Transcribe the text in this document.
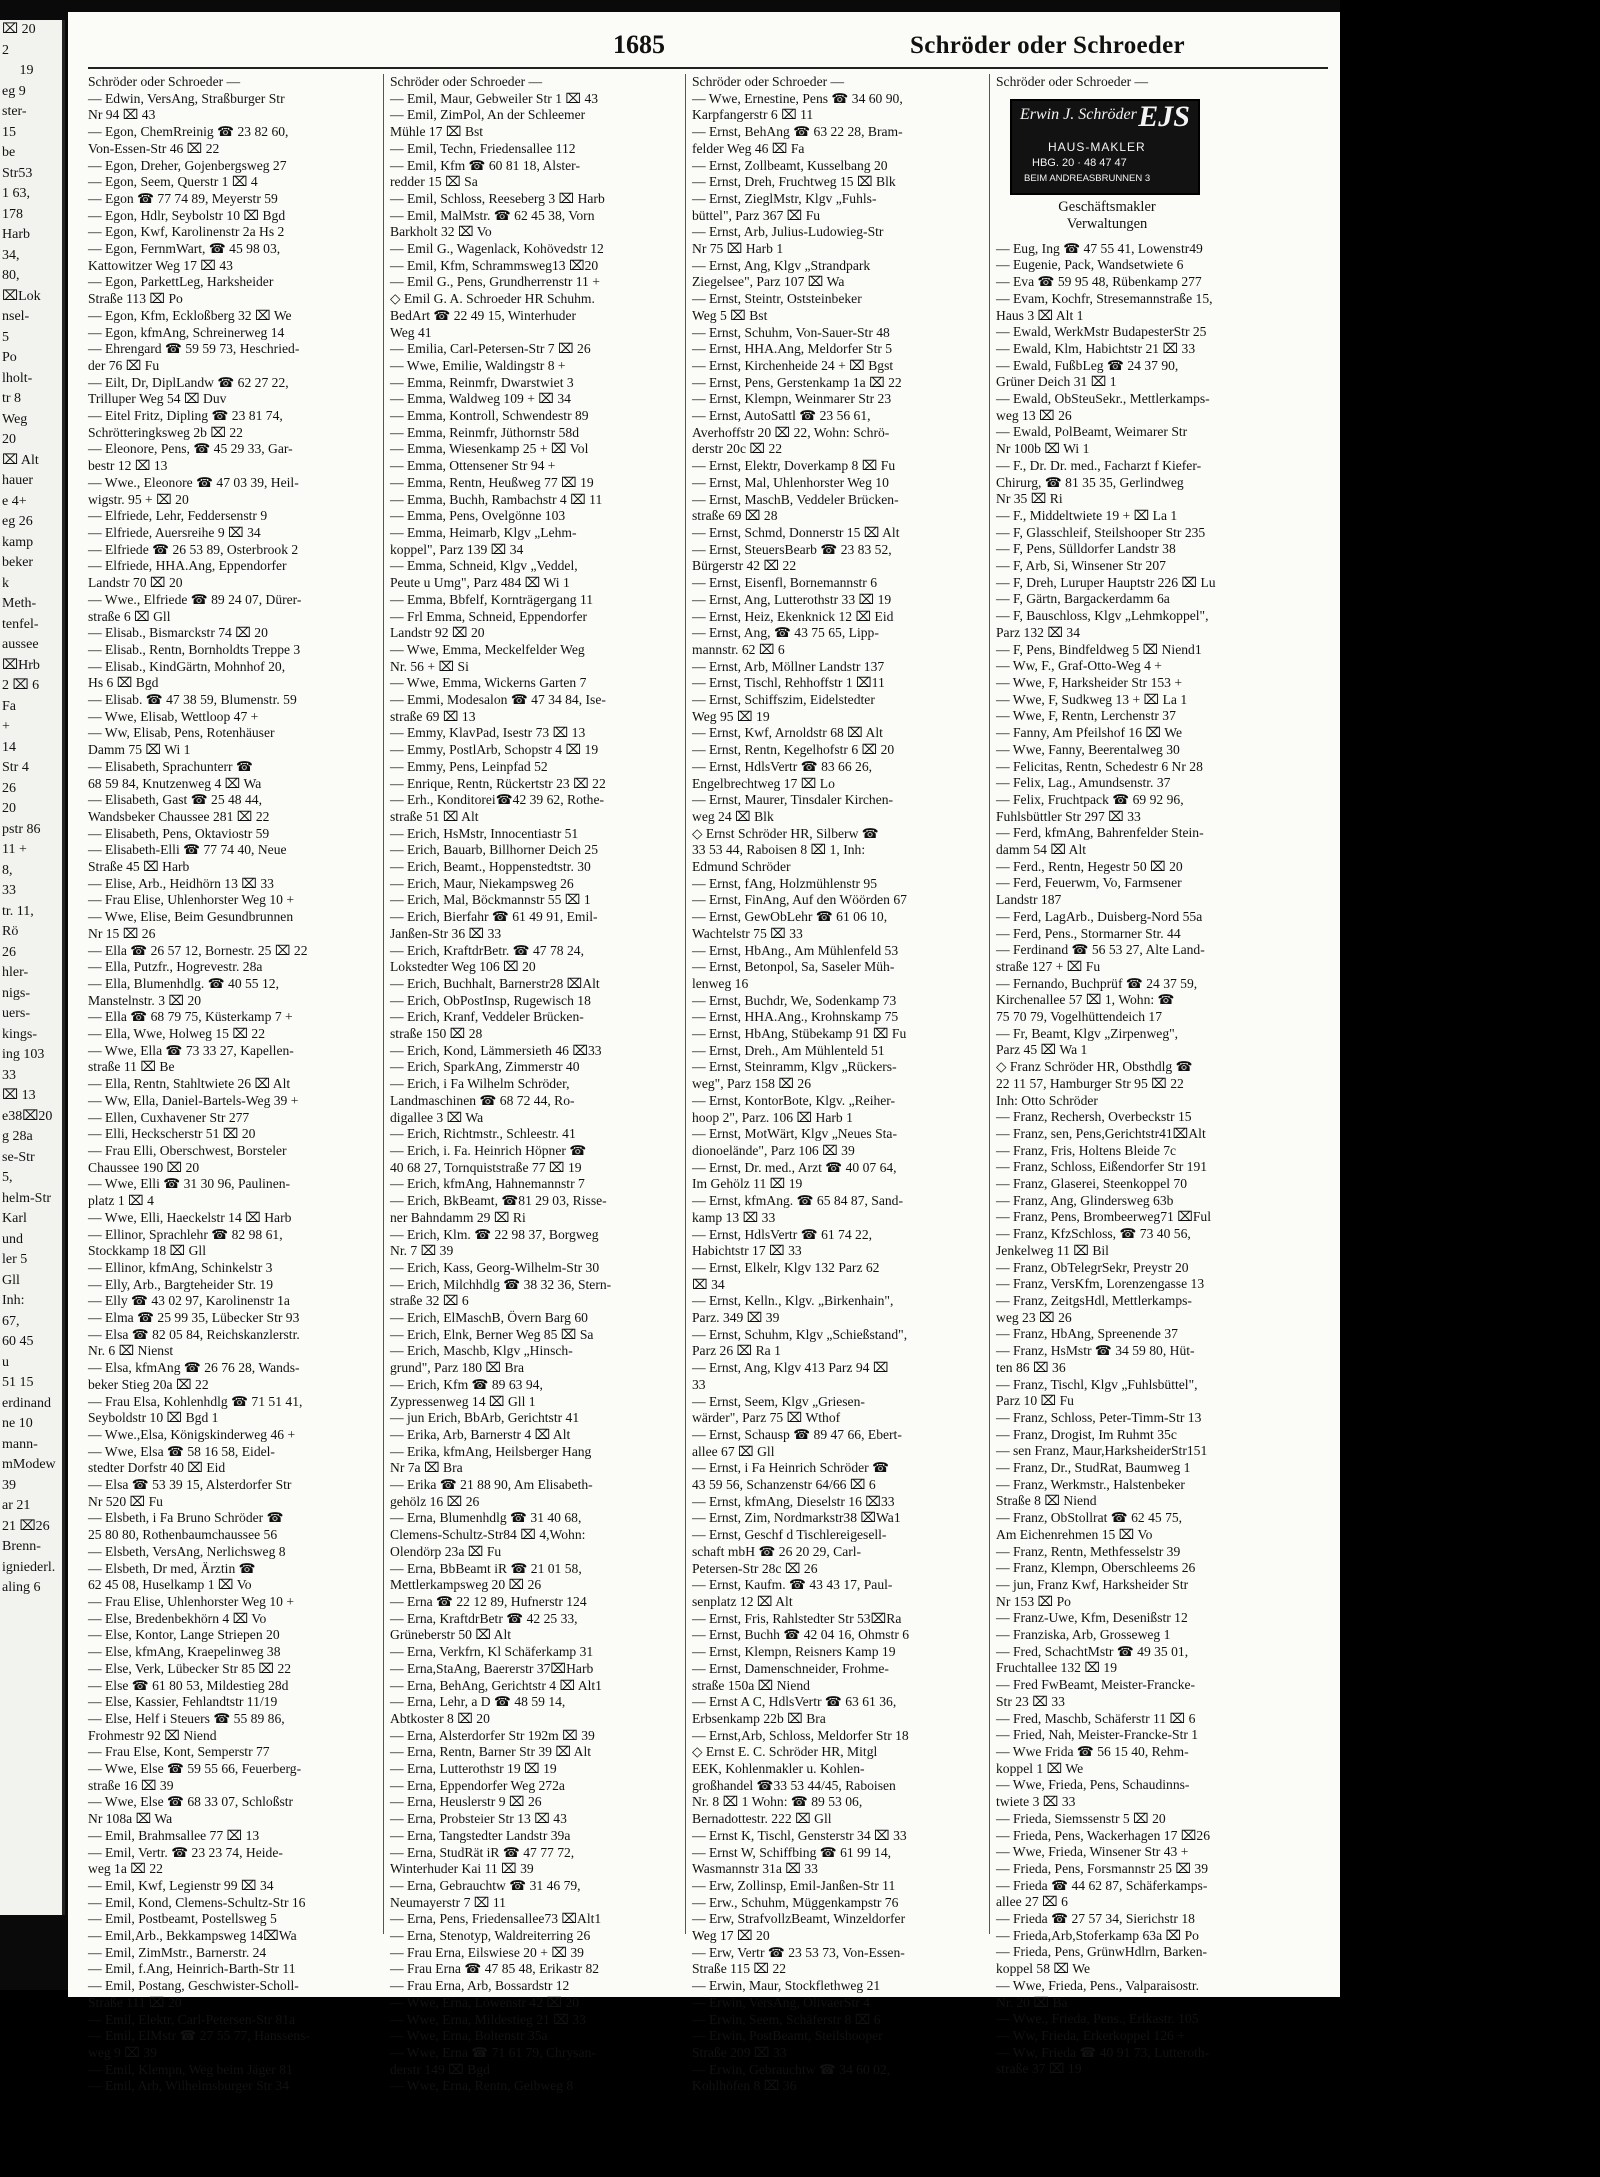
⌧ 20
2
  19
eg 9
ster-
15
be
Str53
1 63,
178
Harb
34,
80,
⌧Lok
nsel-
5
Po
lholt-
tr 8
Weg
20
⌧ Alt
hauer
e 4+
eg 26
kamp
beker
k
Meth-
tenfel-
aussee
⌧Hrb
2 ⌧ 6
Fa
+
14
Str 4
26
20
pstr 86
11 +
8,
33
tr. 11,
Rö
26
hler-
nigs-
uers-
kings-
ing 103
33
⌧ 13
e38⌧20
g 28a
se-Str
5,
helm-Str
Karl
und
ler 5
Gll
Inh:
67,
60 45
u
51 15
erdinand
ne 10
mann-
mModew
39
ar 21
21 ⌧26
Brenn-
igniederl.
aling 6
1685	Schröder oder Schroeder
Schröder oder Schroeder —
— Edwin, VersAng, Straßburger Str
Nr 94 ⌧ 43
— Egon, ChemRreinig ☎ 23 82 60,
Von-Essen-Str 46 ⌧ 22
— Egon, Dreher, Gojenbergsweg 27
— Egon, Seem, Querstr 1 ⌧ 4
— Egon ☎ 77 74 89, Meyerstr 59
— Egon, Hdlr, Seybolstr 10 ⌧ Bgd
— Egon, Kwf, Karolinenstr 2a Hs 2
— Egon, FernmWart, ☎ 45 98 03,
Kattowitzer Weg 17 ⌧ 43
— Egon, ParkettLeg, Harksheider
Straße 113 ⌧ Po
— Egon, Kfm, Eckloßberg 32 ⌧ We
— Egon, kfmAng, Schreinerweg 14
— Ehrengard ☎ 59 59 73, Heschried-
der 76 ⌧ Fu
— Eilt, Dr, DiplLandw ☎ 62 27 22,
Trilluper Weg 54 ⌧ Duv
— Eitel Fritz, Dipling ☎ 23 81 74,
Schrötteringksweg 2b ⌧ 22
— Eleonore, Pens, ☎ 45 29 33, Gar-
bestr 12 ⌧ 13
— Wwe., Eleonore ☎ 47 03 39, Heil-
wigstr. 95 + ⌧ 20
— Elfriede, Lehr, Feddersenstr 9
— Elfriede, Auersreihe 9 ⌧ 34
— Elfriede ☎ 26 53 89, Osterbrook 2
— Elfriede, HHA.Ang, Eppendorfer
Landstr 70 ⌧ 20
— Wwe., Elfriede ☎ 89 24 07, Dürer-
straße 6 ⌧ Gll
— Elisab., Bismarckstr 74 ⌧ 20
— Elisab., Rentn, Bornholdts Treppe 3
— Elisab., KindGärtn, Mohnhof 20,
Hs 6 ⌧ Bgd
— Elisab. ☎ 47 38 59, Blumenstr. 59
— Wwe, Elisab, Wettloop 47 +
— Ww, Elisab, Pens, Rotenhäuser
Damm 75 ⌧ Wi 1
— Elisabeth, Sprachunterr ☎
68 59 84, Knutzenweg 4 ⌧ Wa
— Elisabeth, Gast ☎ 25 48 44,
Wandsbeker Chaussee 281 ⌧ 22
— Elisabeth, Pens, Oktaviostr 59
— Elisabeth-Elli ☎ 77 74 40, Neue
Straße 45 ⌧ Harb
— Elise, Arb., Heidhörn 13 ⌧ 33
— Frau Elise, Uhlenhorster Weg 10 +
— Wwe, Elise, Beim Gesundbrunnen
Nr 15 ⌧ 26
— Ella ☎ 26 57 12, Bornestr. 25 ⌧ 22
— Ella, Putzfr., Hogrevestr. 28a
— Ella, Blumenhdlg. ☎ 40 55 12,
Manstelnstr. 3 ⌧ 20
— Ella ☎ 68 79 75, Küsterkamp 7 +
— Ella, Wwe, Holweg 15 ⌧ 22
— Wwe, Ella ☎ 73 33 27, Kapellen-
straße 11 ⌧ Be
— Ella, Rentn, Stahltwiete 26 ⌧ Alt
— Ww, Ella, Daniel-Bartels-Weg 39 +
— Ellen, Cuxhavener Str 277
— Elli, Heckscherstr 51 ⌧ 20
— Frau Elli, Oberschwest, Borsteler
Chaussee 190 ⌧ 20
— Wwe, Elli ☎ 31 30 96, Paulinen-
platz 1 ⌧ 4
— Wwe, Elli, Haeckelstr 14 ⌧ Harb
— Ellinor, Sprachlehr ☎ 82 98 61,
Stockkamp 18 ⌧ Gll
— Ellinor, kfmAng, Schinkelstr 3
— Elly, Arb., Bargteheider Str. 19
— Elly ☎ 43 02 97, Karolinenstr 1a
— Elma ☎ 25 99 35, Lübecker Str 93
— Elsa ☎ 82 05 84, Reichskanzlerstr.
Nr. 6 ⌧ Nienst
— Elsa, kfmAng ☎ 26 76 28, Wands-
beker Stieg 20a ⌧ 22
— Frau Elsa, Kohlenhdlg ☎ 71 51 41,
Seyboldstr 10 ⌧ Bgd 1
— Wwe.,Elsa, Königskinderweg 46 +
— Wwe, Elsa ☎ 58 16 58, Eidel-
stedter Dorfstr 40 ⌧ Eid
— Elsa ☎ 53 39 15, Alsterdorfer Str
Nr 520 ⌧ Fu
— Elsbeth, i Fa Bruno Schröder ☎
25 80 80, Rothenbaumchaussee 56
— Elsbeth, VersAng, Nerlichsweg 8
— Elsbeth, Dr med, Ärztin ☎
62 45 08, Huselkamp 1 ⌧ Vo
— Frau Elise, Uhlenhorster Weg 10 +
— Else, Bredenbekhörn 4 ⌧ Vo
— Else, Kontor, Lange Striepen 20
— Else, kfmAng, Kraepelinweg 38
— Else, Verk, Lübecker Str 85 ⌧ 22
— Else ☎ 61 80 53, Mildestieg 28d
— Else, Kassier, Fehlandtstr 11/19
— Else, Helf i Steuers ☎ 55 89 86,
Frohmestr 92 ⌧ Niend
— Frau Else, Kont, Semperstr 77
— Wwe, Else ☎ 59 55 66, Feuerberg-
straße 16 ⌧ 39
— Wwe, Else ☎ 68 33 07, Schloßstr
Nr 108a ⌧ Wa
— Emil, Brahmsallee 77 ⌧ 13
— Emil, Vertr. ☎ 23 23 74, Heide-
weg 1a ⌧ 22
— Emil, Kwf, Legienstr 99 ⌧ 34
— Emil, Kond, Clemens-Schultz-Str 16
— Emil, Postbeamt, Postellsweg 5
— Emil,Arb., Bekkampsweg 14⌧Wa
— Emil, ZimMstr., Barnerstr. 24
— Emil, f.Ang, Heinrich-Barth-Str 11
— Emil, Postang, Geschwister-Scholl-
Straße 111 ⌧ 20
— Emil, Elektr, Carl-Petersen-Str 81a
— Emil, ElMstr ☎ 27 55 77, Hanssens-
weg 9 ⌧ 39
— Emil, Klempn, Weg beim Jäger 81
— Emil, Arb, Wilhelmsburger Str 34
Schröder oder Schroeder —
— Emil, Maur, Gebweiler Str 1 ⌧ 43
— Emil, ZimPol, An der Schleemer
Mühle 17 ⌧ Bst
— Emil, Techn, Friedensallee 112
— Emil, Kfm ☎ 60 81 18, Alster-
redder 15 ⌧ Sa
— Emil, Schloss, Reeseberg 3 ⌧ Harb
— Emil, MalMstr. ☎ 62 45 38, Vorn
Barkholt 32 ⌧ Vo
— Emil G., Wagenlack, Kohövedstr 12
— Emil, Kfm, Schrammsweg13 ⌧20
— Emil G., Pens, Grundherrenstr 11 +
◇ Emil G. A. Schroeder HR Schuhm.
BedArt ☎ 22 49 15, Winterhuder
Weg 41
— Emilia, Carl-Petersen-Str 7 ⌧ 26
— Wwe, Emilie, Waldingstr 8 +
— Emma, Reinmfr, Dwarstwiet 3
— Emma, Waldweg 109 + ⌧ 34
— Emma, Kontroll, Schwendestr 89
— Emma, Reinmfr, Jüthornstr 58d
— Emma, Wiesenkamp 25 + ⌧ Vol
— Emma, Ottensener Str 94 +
— Emma, Rentn, Heußweg 77 ⌧ 19
— Emma, Buchh, Rambachstr 4 ⌧ 11
— Emma, Pens, Ovelgönne 103
— Emma, Heimarb, Klgv „Lehm-
koppel", Parz 139 ⌧ 34
— Emma, Schneid, Klgv „Veddel,
Peute u Umg", Parz 484 ⌧ Wi 1
— Emma, Bbfelf, Kornträgergang 11
— Frl Emma, Schneid, Eppendorfer
Landstr 92 ⌧ 20
— Wwe, Emma, Meckelfelder Weg
Nr. 56 + ⌧ Si
— Wwe, Emma, Wickerns Garten 7
— Emmi, Modesalon ☎ 47 34 84, Ise-
straße 69 ⌧ 13
— Emmy, KlavPad, Isestr 73 ⌧ 13
— Emmy, PostlArb, Schopstr 4 ⌧ 19
— Emmy, Pens, Leinpfad 52
— Enrique, Rentn, Rückertstr 23 ⌧ 22
— Erh., Konditorei☎42 39 62, Rothe-
straße 51 ⌧ Alt
— Erich, HsMstr, Innocentiastr 51
— Erich, Bauarb, Billhorner Deich 25
— Erich, Beamt., Hoppenstedtstr. 30
— Erich, Maur, Niekampsweg 26
— Erich, Mal, Böckmannstr 55 ⌧ 1
— Erich, Bierfahr ☎ 61 49 91, Emil-
Janßen-Str 36 ⌧ 33
— Erich, KraftdrBetr. ☎ 47 78 24,
Lokstedter Weg 106 ⌧ 20
— Erich, Buchhalt, Barnerstr28 ⌧Alt
— Erich, ObPostInsp, Rugewisch 18
— Erich, Kranf, Veddeler Brücken-
straße 150 ⌧ 28
— Erich, Kond, Lämmersieth 46 ⌧33
— Erich, SparkAng, Zimmerstr 40
— Erich, i Fa Wilhelm Schröder,
Landmaschinen ☎ 68 72 44, Ro-
digallee 3 ⌧ Wa
— Erich, Richtmstr., Schleestr. 41
— Erich, i. Fa. Heinrich Höpner ☎
40 68 27, Tornquiststraße 77 ⌧ 19
— Erich, kfmAng, Hahnemannstr 7
— Erich, BkBeamt, ☎81 29 03, Risse-
ner Bahndamm 29 ⌧ Ri
— Erich, Klm. ☎ 22 98 37, Borgweg
Nr. 7 ⌧ 39
— Erich, Kass, Georg-Wilhelm-Str 30
— Erich, Milchhdlg ☎ 38 32 36, Stern-
straße 32 ⌧ 6
— Erich, ElMaschB, Övern Barg 60
— Erich, Elnk, Berner Weg 85 ⌧ Sa
— Erich, Maschb, Klgv „Hinsch-
grund", Parz 180 ⌧ Bra
— Erich, Kfm ☎ 89 63 94,
Zypressenweg 14 ⌧ Gll 1
— jun Erich, BbArb, Gerichtstr 41
— Erika, Arb, Barnerstr 4 ⌧ Alt
— Erika, kfmAng, Heilsberger Hang
Nr 7a ⌧ Bra
— Erika ☎ 21 88 90, Am Elisabeth-
gehölz 16 ⌧ 26
— Erna, Blumenhdlg ☎ 31 40 68,
Clemens-Schultz-Str84 ⌧ 4,Wohn:
Olendörp 23a ⌧ Fu
— Erna, BbBeamt iR ☎ 21 01 58,
Mettlerkampsweg 20 ⌧ 26
— Erna ☎ 22 12 89, Hufnerstr 124
— Erna, KraftdrBetr ☎ 42 25 33,
Grüneberstr 50 ⌧ Alt
— Erna, Verkfrn, Kl Schäferkamp 31
— Erna,StaAng, Baererstr 37⌧Harb
— Erna, BehAng, Gerichtstr 4 ⌧ Alt1
— Erna, Lehr, a D ☎ 48 59 14,
Abtkoster 8 ⌧ 20
— Erna, Alsterdorfer Str 192m ⌧ 39
— Erna, Rentn, Barner Str 39 ⌧ Alt
— Erna, Lutterothstr 19 ⌧ 19
— Erna, Eppendorfer Weg 272a
— Erna, Heuslerstr 9 ⌧ 26
— Erna, Probsteier Str 13 ⌧ 43
— Erna, Tangstedter Landstr 39a
— Erna, StudRät iR ☎ 47 77 72,
Winterhuder Kai 11 ⌧ 39
— Erna, Gebrauchtw ☎ 31 46 79,
Neumayerstr 7 ⌧ 11
— Erna, Pens, Friedensallee73 ⌧Alt1
— Erna, Stenotyp, Waldreiterring 26
— Frau Erna, Eilswiese 20 + ⌧ 39
— Frau Erna ☎ 47 85 48, Erikastr 82
— Frau Erna, Arb, Bossardstr 12
— Wwe, Erna, Löwenstr 42 ⌧ 20
— Wwe, Erna, Mildestieg 21 ⌧ 33
— Wwe, Erna, Boltenstr 35a
— Wwe, Erna ☎ 71 61 79, Chrysan-
derstr 149 ⌧ Bgd
— Wwe, Erna, Rentn, Geibweg 8
Schröder oder Schroeder —
— Wwe, Ernestine, Pens ☎ 34 60 90,
Karpfangerstr 6 ⌧ 11
— Ernst, BehAng ☎ 63 22 28, Bram-
felder Weg 46 ⌧ Fa
— Ernst, Zollbeamt, Kusselbang 20
— Ernst, Dreh, Fruchtweg 15 ⌧ Blk
— Ernst, ZieglMstr, Klgv „Fuhls-
büttel", Parz 367 ⌧ Fu
— Ernst, Arb, Julius-Ludowieg-Str
Nr 75 ⌧ Harb 1
— Ernst, Ang, Klgv „Strandpark
Ziegelsee", Parz 107 ⌧ Wa
— Ernst, Steintr, Oststeinbeker
Weg 5 ⌧ Bst
— Ernst, Schuhm, Von-Sauer-Str 48
— Ernst, HHA.Ang, Meldorfer Str 5
— Ernst, Kirchenheide 24 + ⌧ Bgst
— Ernst, Pens, Gerstenkamp 1a ⌧ 22
— Ernst, Klempn, Weinmarer Str 23
— Ernst, AutoSattl ☎ 23 56 61,
Averhoffstr 20 ⌧ 22, Wohn: Schrö-
derstr 20c ⌧ 22
— Ernst, Elektr, Doverkamp 8 ⌧ Fu
— Ernst, Mal, Uhlenhorster Weg 10
— Ernst, MaschB, Veddeler Brücken-
straße 69 ⌧ 28
— Ernst, Schmd, Donnerstr 15 ⌧ Alt
— Ernst, SteuersBearb ☎ 23 83 52,
Bürgerstr 42 ⌧ 22
— Ernst, Eisenfl, Bornemannstr 6
— Ernst, Ang, Lutterothstr 33 ⌧ 19
— Ernst, Heiz, Ekenknick 12 ⌧ Eid
— Ernst, Ang, ☎ 43 75 65, Lipp-
mannstr. 62 ⌧ 6
— Ernst, Arb, Möllner Landstr 137
— Ernst, Tischl, Rehhoffstr 1 ⌧11
— Ernst, Schiffszim, Eidelstedter
Weg 95 ⌧ 19
— Ernst, Kwf, Arnoldstr 68 ⌧ Alt
— Ernst, Rentn, Kegelhofstr 6 ⌧ 20
— Ernst, HdlsVertr ☎ 83 66 26,
Engelbrechtweg 17 ⌧ Lo
— Ernst, Maurer, Tinsdaler Kirchen-
weg 24 ⌧ Blk
◇ Ernst Schröder HR, Silberw ☎
33 53 44, Raboisen 8 ⌧ 1, Inh:
Edmund Schröder
— Ernst, fAng, Holzmühlenstr 95
— Ernst, FinAng, Auf den Wöörden 67
— Ernst, GewObLehr ☎ 61 06 10,
Wachtelstr 75 ⌧ 33
— Ernst, HbAng., Am Mühlenfeld 53
— Ernst, Betonpol, Sa, Saseler Müh-
lenweg 16
— Ernst, Buchdr, We, Sodenkamp 73
— Ernst, HHA.Ang., Krohnskamp 75
— Ernst, HbAng, Stübekamp 91 ⌧ Fu
— Ernst, Dreh., Am Mühlenteld 51
— Ernst, Steinramm, Klgv „Rückers-
weg", Parz 158 ⌧ 26
— Ernst, KontorBote, Klgv. „Reiher-
hoop 2", Parz. 106 ⌧ Harb 1
— Ernst, MotWärt, Klgv „Neues Sta-
dionoelände", Parz 106 ⌧ 39
— Ernst, Dr. med., Arzt ☎ 40 07 64,
Im Gehölz 11 ⌧ 19
— Ernst, kfmAng. ☎ 65 84 87, Sand-
kamp 13 ⌧ 33
— Ernst, HdlsVertr ☎ 61 74 22,
Habichtstr 17 ⌧ 33
— Ernst, Elkelr, Klgv 132 Parz 62
⌧ 34
— Ernst, Kelln., Klgv. „Birkenhain",
Parz. 349 ⌧ 39
— Ernst, Schuhm, Klgv „Schießstand",
Parz 26 ⌧ Ra 1
— Ernst, Ang, Klgv 413 Parz 94 ⌧
33
— Ernst, Seem, Klgv „Griesen-
wärder", Parz 75 ⌧ Wthof
— Ernst, Schausp ☎ 89 47 66, Ebert-
allee 67 ⌧ Gll
— Ernst, i Fa Heinrich Schröder ☎
43 59 56, Schanzenstr 64/66 ⌧ 6
— Ernst, kfmAng, Dieselstr 16 ⌧33
— Ernst, Zim, Nordmarkstr38 ⌧Wa1
— Ernst, Geschf d Tischlereigesell-
schaft mbH ☎ 26 20 29, Carl-
Petersen-Str 28c ⌧ 26
— Ernst, Kaufm. ☎ 43 43 17, Paul-
senplatz 12 ⌧ Alt
— Ernst, Fris, Rahlstedter Str 53⌧Ra
— Ernst, Buchh ☎ 42 04 16, Ohmstr 6
— Ernst, Klempn, Reisners Kamp 19
— Ernst, Damenschneider, Frohme-
straße 150a ⌧ Niend
— Ernst A C, HdlsVertr ☎ 63 61 36,
Erbsenkamp 22b ⌧ Bra
— Ernst,Arb, Schloss, Meldorfer Str 18
◇ Ernst E. C. Schröder HR, Mitgl
EEK, Kohlenmakler u. Kohlen-
großhandel ☎33 53 44/45, Raboisen
Nr. 8 ⌧ 1 Wohn: ☎ 89 53 06,
Bernadottestr. 222 ⌧ Gll
— Ernst K, Tischl, Gensterstr 34 ⌧ 33
— Ernst W, Schiffbing ☎ 61 99 14,
Wasmannstr 31a ⌧ 33
— Erw, Zollinsp, Emil-Janßen-Str 11
— Erw., Schuhm, Müggenkampstr 76
— Erw, StrafvollzBeamt, Winzeldorfer
Weg 17 ⌧ 20
— Erw, Vertr ☎ 23 53 73, Von-Essen-
Straße 115 ⌧ 22
— Erwin, Maur, Stockflethweg 21
— Erwin, VersAng, OlivaerStr 4
— Erwin, Seem, Schäferstr 8 ⌧ 6
— Erwin, PostBeamt, Steilshooper
Straße 209 ⌧ 33
— Erwin, Gebrauchtw ☎ 34 60 02,
Kohlhöfen 8 ⌧ 36
Schröder oder Schroeder —
Erwin J. Schröder EJS
HAUS-MAKLER
HBG. 20 · 48 47 47
BEIM ANDREASBRUNNEN 3
Geschäftsmakler
Verwaltungen
— Eug, Ing ☎ 47 55 41, Lowenstr49
— Eugenie, Pack, Wandsetwiete 6
— Eva ☎ 59 95 48, Rübenkamp 277
— Evam, Kochfr, Stresemannstraße 15,
Haus 3 ⌧ Alt 1
— Ewald, WerkMstr BudapesterStr 25
— Ewald, Klm, Habichtstr 21 ⌧ 33
— Ewald, FußbLeg ☎ 24 37 90,
Grüner Deich 31 ⌧ 1
— Ewald, ObSteuSekr., Mettlerkamps-
weg 13 ⌧ 26
— Ewald, PolBeamt, Weimarer Str
Nr 100b ⌧ Wi 1
— F., Dr. Dr. med., Facharzt f Kiefer-
Chirurg, ☎ 81 35 35, Gerlindweg
Nr 35 ⌧ Ri
— F., Middeltwiete 19 + ⌧ La 1
— F, Glasschleif, Steilshooper Str 235
— F, Pens, Sülldorfer Landstr 38
— F, Arb, Si, Winsener Str 207
— F, Dreh, Luruper Hauptstr 226 ⌧ Lu
— F, Gärtn, Bargackerdamm 6a
— F, Bauschloss, Klgv „Lehmkoppel",
Parz 132 ⌧ 34
— F, Pens, Bindfeldweg 5 ⌧ Niend1
— Ww, F., Graf-Otto-Weg 4 +
— Wwe, F, Harksheider Str 153 +
— Wwe, F, Sudkweg 13 + ⌧ La 1
— Wwe, F, Rentn, Lerchenstr 37
— Fanny, Am Pfeilshof 16 ⌧ We
— Wwe, Fanny, Beerentalweg 30
— Felicitas, Rentn, Schedestr 6 Nr 28
— Felix, Lag., Amundsenstr. 37
— Felix, Fruchtpack ☎ 69 92 96,
Fuhlsbüttler Str 297 ⌧ 33
— Ferd, kfmAng, Bahrenfelder Stein-
damm 54 ⌧ Alt
— Ferd., Rentn, Hegestr 50 ⌧ 20
— Ferd, Feuerwm, Vo, Farmsener
Landstr 187
— Ferd, LagArb., Duisberg-Nord 55a
— Ferd, Pens., Stormarner Str. 44
— Ferdinand ☎ 56 53 27, Alte Land-
straße 127 + ⌧ Fu
— Fernando, Buchprüf ☎ 24 37 59,
Kirchenallee 57 ⌧ 1, Wohn: ☎
75 70 79, Vogelhüttendeich 17
— Fr, Beamt, Klgv „Zirpenweg",
Parz 45 ⌧ Wa 1
◇ Franz Schröder HR, Obsthdlg ☎
22 11 57, Hamburger Str 95 ⌧ 22
Inh: Otto Schröder
— Franz, Rechersh, Overbeckstr 15
— Franz, sen, Pens,Gerichtstr41⌧Alt
— Franz, Fris, Holtens Bleide 7c
— Franz, Schloss, Eißendorfer Str 191
— Franz, Glaserei, Steenkoppel 70
— Franz, Ang, Glindersweg 63b
— Franz, Pens, Brombeerweg71 ⌧Ful
— Franz, KfzSchloss, ☎ 73 40 56,
Jenkelweg 11 ⌧ Bil
— Franz, ObTelegrSekr, Preystr 20
— Franz, VersKfm, Lorenzengasse 13
— Franz, ZeitgsHdl, Mettlerkamps-
weg 23 ⌧ 26
— Franz, HbAng, Spreenende 37
— Franz, HsMstr ☎ 34 59 80, Hüt-
ten 86 ⌧ 36
— Franz, Tischl, Klgv „Fuhlsbüttel",
Parz 10 ⌧ Fu
— Franz, Schloss, Peter-Timm-Str 13
— Franz, Drogist, Im Ruhmt 35c
— sen Franz, Maur,HarksheiderStr151
— Franz, Dr., StudRat, Baumweg 1
— Franz, Werkmstr., Halstenbeker
Straße 8 ⌧ Niend
— Franz, ObStollrat ☎ 62 45 75,
Am Eichenrehmen 15 ⌧ Vo
— Franz, Rentn, Methfesselstr 39
— Franz, Klempn, Oberschleems 26
— jun, Franz Kwf, Harksheider Str
Nr 153 ⌧ Po
— Franz-Uwe, Kfm, Desenißstr 12
— Franziska, Arb, Grosseweg 1
— Fred, SchachtMstr ☎ 49 35 01,
Fruchtallee 132 ⌧ 19
— Fred FwBeamt, Meister-Francke-
Str 23 ⌧ 33
— Fred, Maschb, Schäferstr 11 ⌧ 6
— Fried, Nah, Meister-Francke-Str 1
— Wwe Frida ☎ 56 15 40, Rehm-
koppel 1 ⌧ We
— Wwe, Frieda, Pens, Schaudinns-
twiete 3 ⌧ 33
— Frieda, Siemssenstr 5 ⌧ 20
— Frieda, Pens, Wackerhagen 17 ⌧26
— Wwe, Frieda, Winsener Str 43 +
— Frieda, Pens, Forsmannstr 25 ⌧ 39
— Frieda ☎ 44 62 87, Schäferkamps-
allee 27 ⌧ 6
— Frieda ☎ 27 57 34, Sierichstr 18
— Frieda,Arb,Stoferkamp 63a ⌧ Po
— Frieda, Pens, GrünwHdlrn, Barken-
koppel 58 ⌧ We
— Wwe, Frieda, Pens., Valparaisostr.
Nr. 20 ⌧ Ba
— Wwe., Frieda, Pens., Erikastr. 105
— Ww, Frieda, Erkerkoppel 126 +
— Ww, Frieda ☎ 40 91 73, Lutteroth-
straße 37 ⌧ 19
